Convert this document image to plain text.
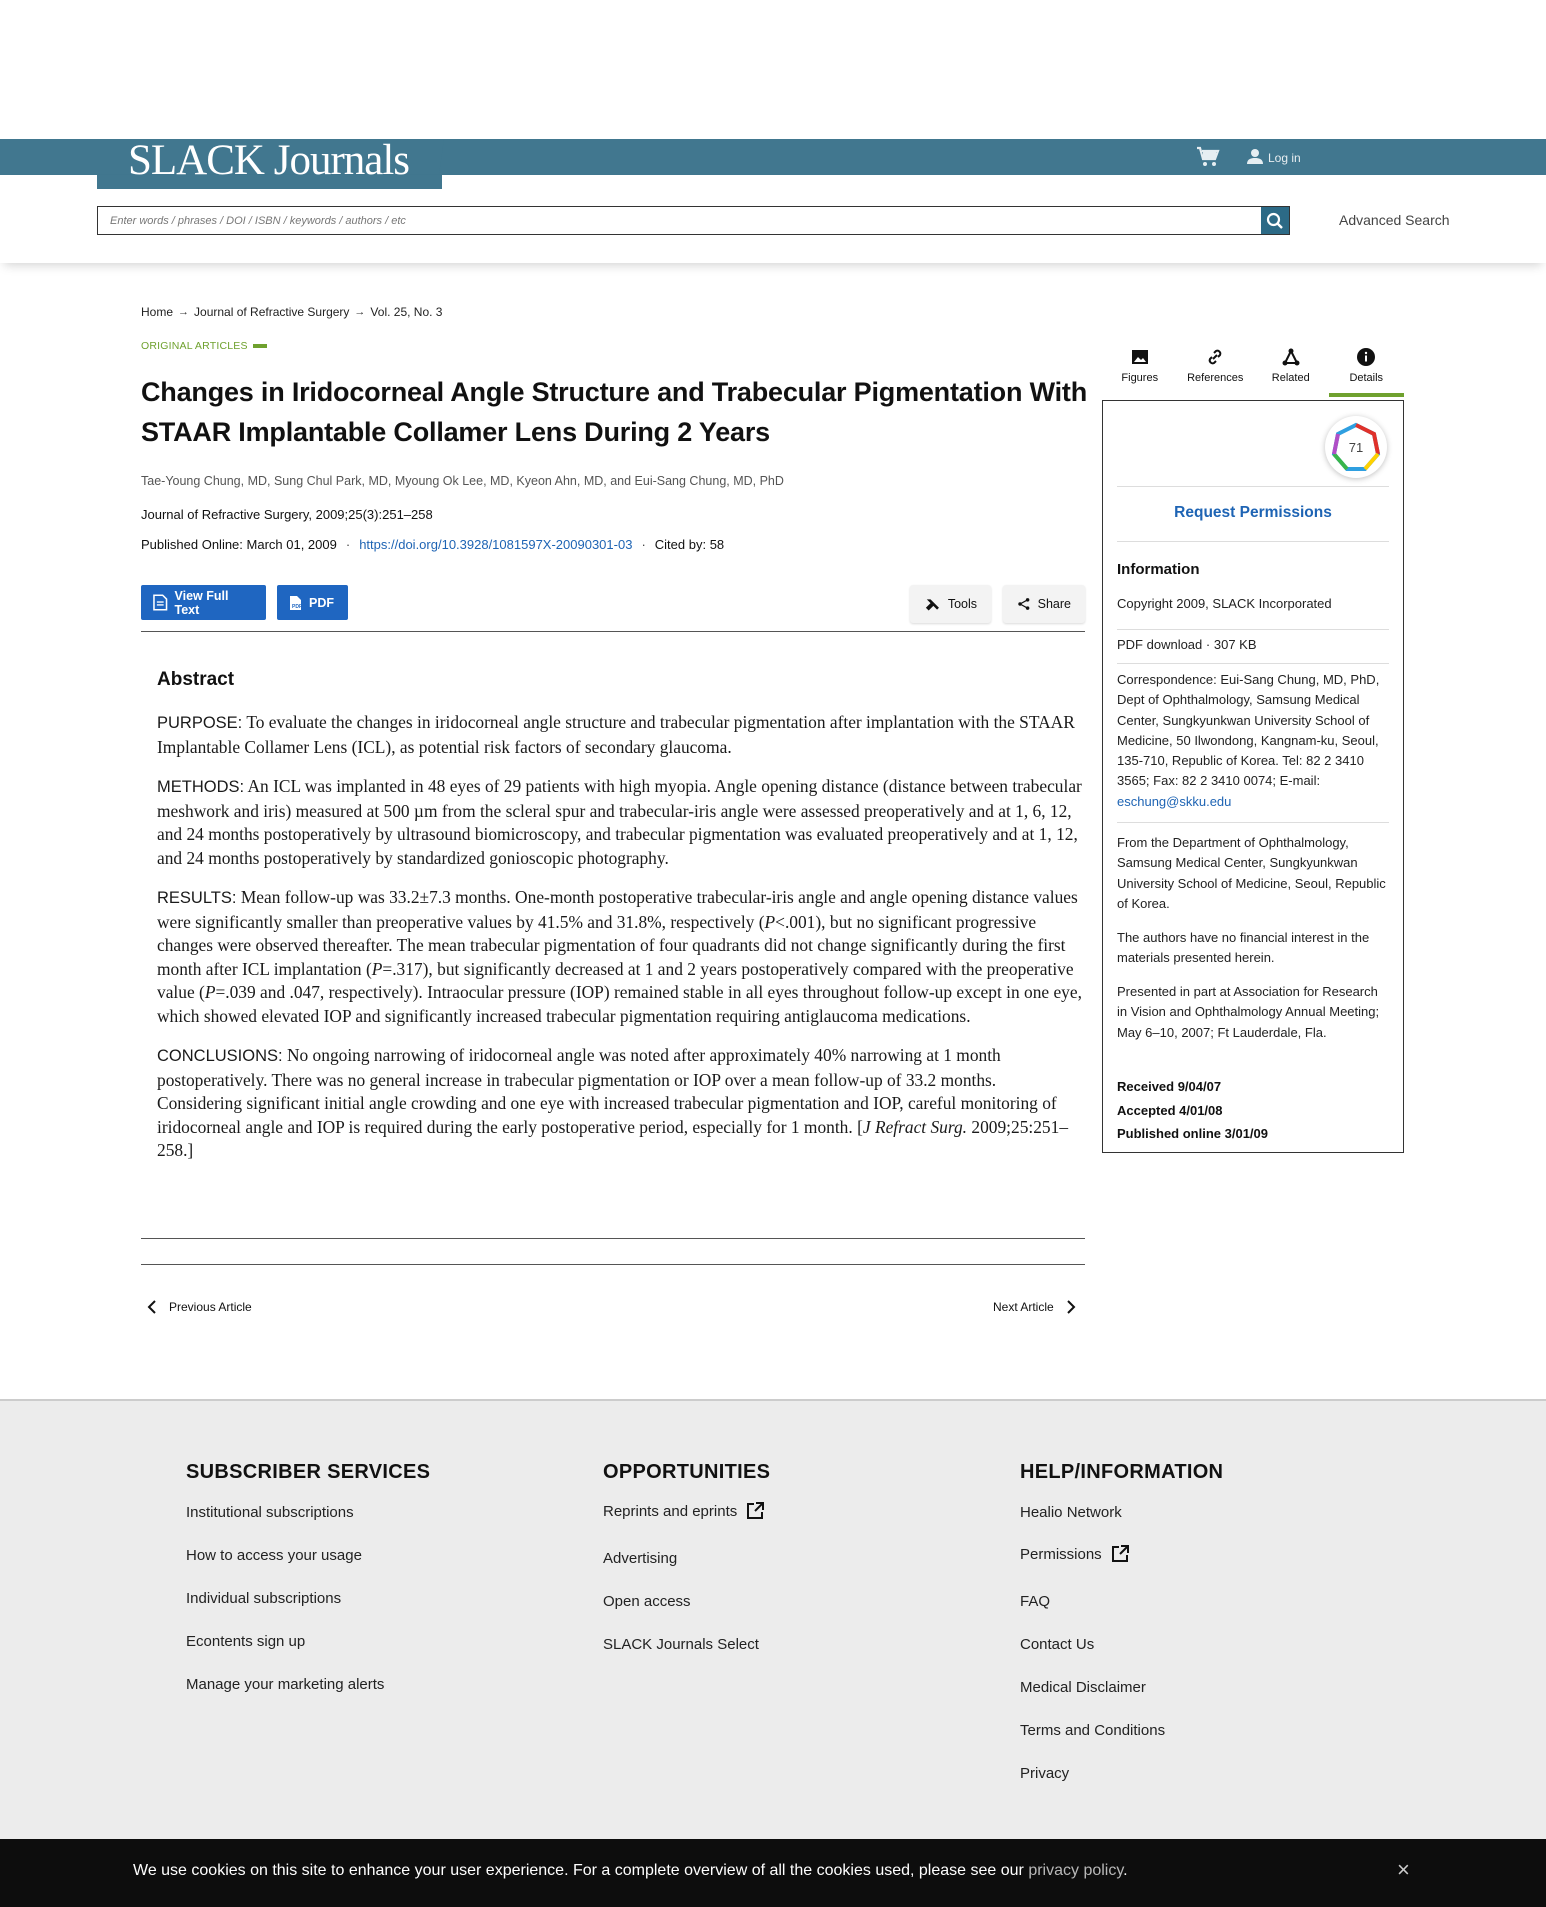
SLACK Journals	Log in
Enter words / phrases / DOI / ISBN / keywords / authors / etc
Advanced Search
Home → Journal of Refractive Surgery → Vol. 25, No. 3
ORIGINAL ARTICLES
Changes in Iridocorneal Angle Structure and Trabecular Pigmentation With
STAAR Implantable Collamer Lens During 2 Years
Tae-Young Chung, MD, Sung Chul Park, MD, Myoung Ok Lee, MD, Kyeon Ahn, MD, and Eui-Sang Chung, MD, PhD
Journal of Refractive Surgery, 2009;25(3):251–258
Published Online: March 01, 2009 · https://doi.org/10.3928/1081597X-20090301-03 · Cited by: 58
View Full Text	PDF PDF	Tools	Share
Abstract

PURPOSE: To evaluate the changes in iridocorneal angle structure and trabecular pigmentation after implantation with the STAAR Implantable Collamer Lens (ICL), as potential risk factors of secondary glaucoma.

METHODS: An ICL was implanted in 48 eyes of 29 patients with high myopia. Angle opening distance (distance between trabecular meshwork and iris) measured at 500 µm from the scleral spur and trabecular-iris angle were assessed preoperatively and at 1, 6, 12, and 24 months postoperatively by ultrasound biomicroscopy, and trabecular pigmentation was evaluated preoperatively and at 1, 12, and 24 months postoperatively by standardized gonioscopic photography.

RESULTS: Mean follow-up was 33.2±7.3 months. One-month postoperative trabecular-iris angle and angle opening distance values were significantly smaller than preoperative values by 41.5% and 31.8%, respectively (P<.001), but no significant progressive changes were observed thereafter. The mean trabecular pigmentation of four quadrants did not change significantly during the first month after ICL implantation (P=.317), but significantly decreased at 1 and 2 years postoperatively compared with the preoperative value (P=.039 and .047, respectively). Intraocular pressure (IOP) remained stable in all eyes throughout follow-up except in one eye, which showed elevated IOP and significantly increased trabecular pigmentation requiring antiglaucoma medications.

CONCLUSIONS: No ongoing narrowing of iridocorneal angle was noted after approximately 40% narrowing at 1 month postoperatively. There was no general increase in trabecular pigmentation or IOP over a mean follow-up of 33.2 months. Considering significant initial angle crowding and one eye with increased trabecular pigmentation and IOP, careful monitoring of iridocorneal angle and IOP is required during the early postoperative period, especially for 1 month. [J Refract Surg. 2009;25:251–258.]

Previous Article	Next Article
Figures	References	Related	Details
71
Request Permissions
Information
Copyright 2009, SLACK Incorporated
PDF download · 307 KB
Correspondence: Eui-Sang Chung, MD, PhD, Dept of Ophthalmology, Samsung Medical Center, Sungkyunkwan University School of Medicine, 50 Ilwondong, Kangnam-ku, Seoul, 135-710, Republic of Korea. Tel: 82 2 3410 3565; Fax: 82 2 3410 0074; E-mail: eschung@skku.edu
From the Department of Ophthalmology, Samsung Medical Center, Sungkyunkwan University School of Medicine, Seoul, Republic of Korea.
The authors have no financial interest in the materials presented herein.
Presented in part at Association for Research in Vision and Ophthalmology Annual Meeting; May 6–10, 2007; Ft Lauderdale, Fla.
Received 9/04/07
Accepted 4/01/08
Published online 3/01/09
SUBSCRIBER SERVICES
Institutional subscriptions
How to access your usage
Individual subscriptions
Econtents sign up
Manage your marketing alerts
OPPORTUNITIES
Reprints and eprints
Advertising
Open access
SLACK Journals Select
HELP/INFORMATION
Healio Network
Permissions
FAQ
Contact Us
Medical Disclaimer
Terms and Conditions
Privacy
We use cookies on this site to enhance your user experience. For a complete overview of all the cookies used, please see our privacy policy.	×
